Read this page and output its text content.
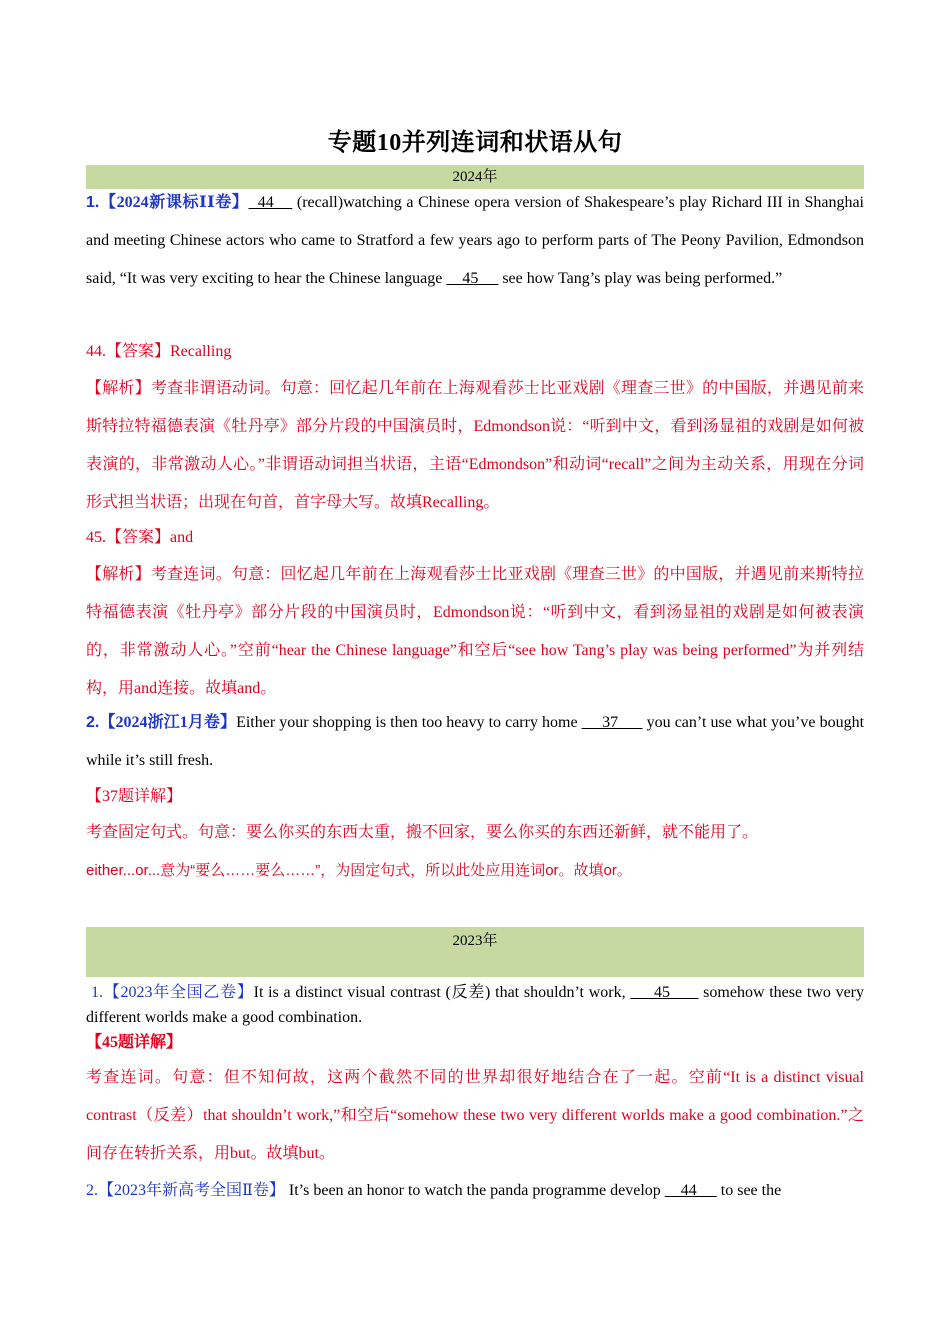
专题10并列连词和状语从句
2024年

1.【2024新课标ⅠⅠ卷】  44     (recall)watching a Chinese opera version of Shakespeare’s play Richard III in Shanghai and meeting Chinese actors who came to Stratford a few years ago to perform parts of The Peony Pavilion, Edmondson said, “It was very exciting to hear the Chinese language     45      see how Tang’s play was being performed.”

44.【答案】Recalling

【解析】考查非谓语动词。句意：回忆起几年前在上海观看莎士比亚戏剧《理查三世》的中国版，并遇见前来斯特拉特福德表演《牡丹亭》部分片段的中国演员时，Edmondson说：“听到中文，看到汤显祖的戏剧是如何被表演的，非常激动人心。”非谓语动词担当状语，主语“Edmondson”和动词“recall”之间为主动关系，用现在分词形式担当状语；出现在句首，首字母大写。故填Recalling。

45.【答案】and

【解析】考查连词。句意：回忆起几年前在上海观看莎士比亚戏剧《理查三世》的中国版，并遇见前来斯特拉特福德表演《牡丹亭》部分片段的中国演员时，Edmondson说：“听到中文，看到汤显祖的戏剧是如何被表演的，非常激动人心。”空前“hear the Chinese language”和空后“see how Tang’s play was being performed”为并列结构，用and连接。故填and。

2.【2024浙江1月卷】Either your shopping is then too heavy to carry home      37       you can’t use what you’ve bought while it’s still fresh.

【37题详解】

考查固定句式。句意：要么你买的东西太重，搬不回家，要么你买的东西还新鲜，就不能用了。

either...or...意为“要么……要么……”，为固定句式，所以此处应用连词or。故填or。

2023年

1.【2023年全国乙卷】It is a distinct visual contrast (反差) that shouldn’t work,      45       somehow these two very different worlds make a good combination.

【45题详解】

考查连词。句意：但不知何故，这两个截然不同的世界却很好地结合在了一起。空前“It is a distinct visual contrast（反差）that shouldn’t work,”和空后“somehow these two very different worlds make a good combination.”之间存在转折关系，用but。故填but。

2.【2023年新高考全国Ⅱ卷】 It’s been an honor to watch the panda programme develop     44      to see the
